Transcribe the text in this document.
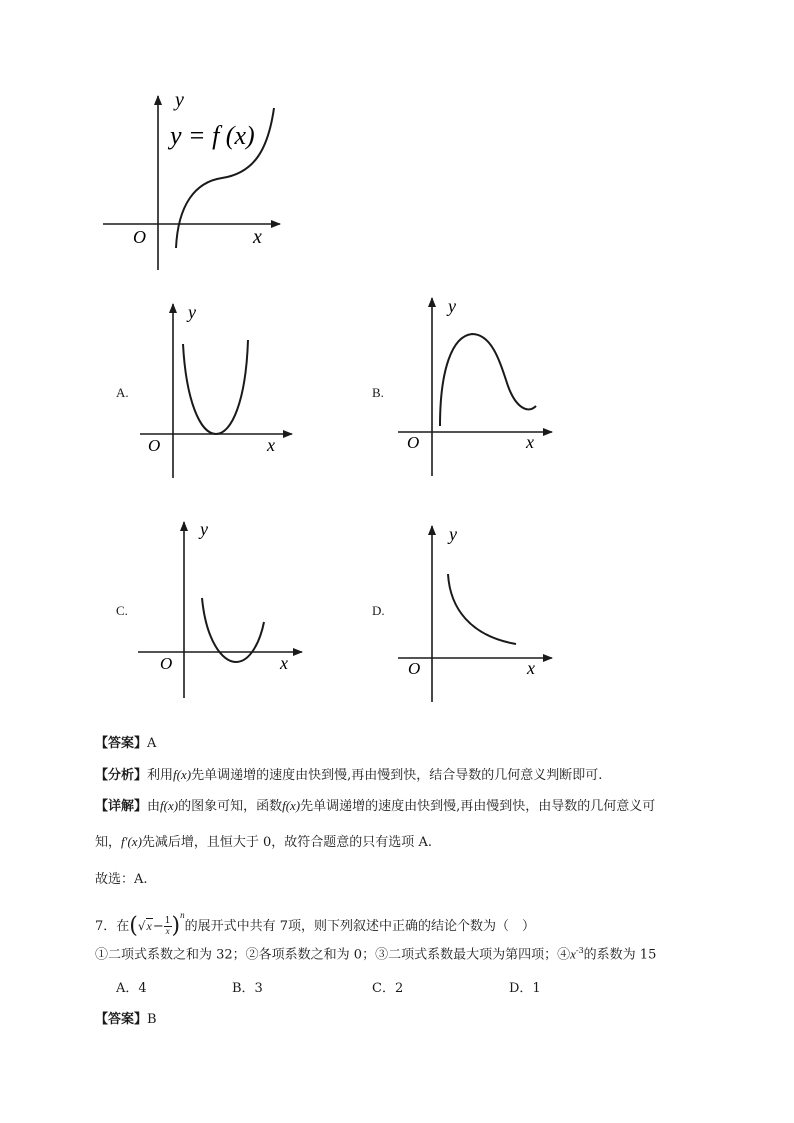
y
y = f (x)
O	x
y
O	x
y
O	x
y
O	x
y
O	x
A.	B.
C.	D.
【答案】A
【分析】利用f(x)先单调递增的速度由快到慢,再由慢到快，结合导数的几何意义判断即可.
【详解】由f(x)的图象可知，函数f(x)先单调递增的速度由快到慢,再由慢到快，由导数的几何意义可
知，f′(x)先减后增，且恒大于 0，故符合题意的只有选项 A.
故选：A.
7．在$(√x- \frac{1}{x} )^n$的展开式中共有 7项，则下列叙述中正确的结论个数为（　）
①二项式系数之和为 32；②各项系数之和为 0；③二项式系数最大项为第四项；$④x^{-3}$的系数为 15
A．4	B．3	C．2	D．1
【答案】B
